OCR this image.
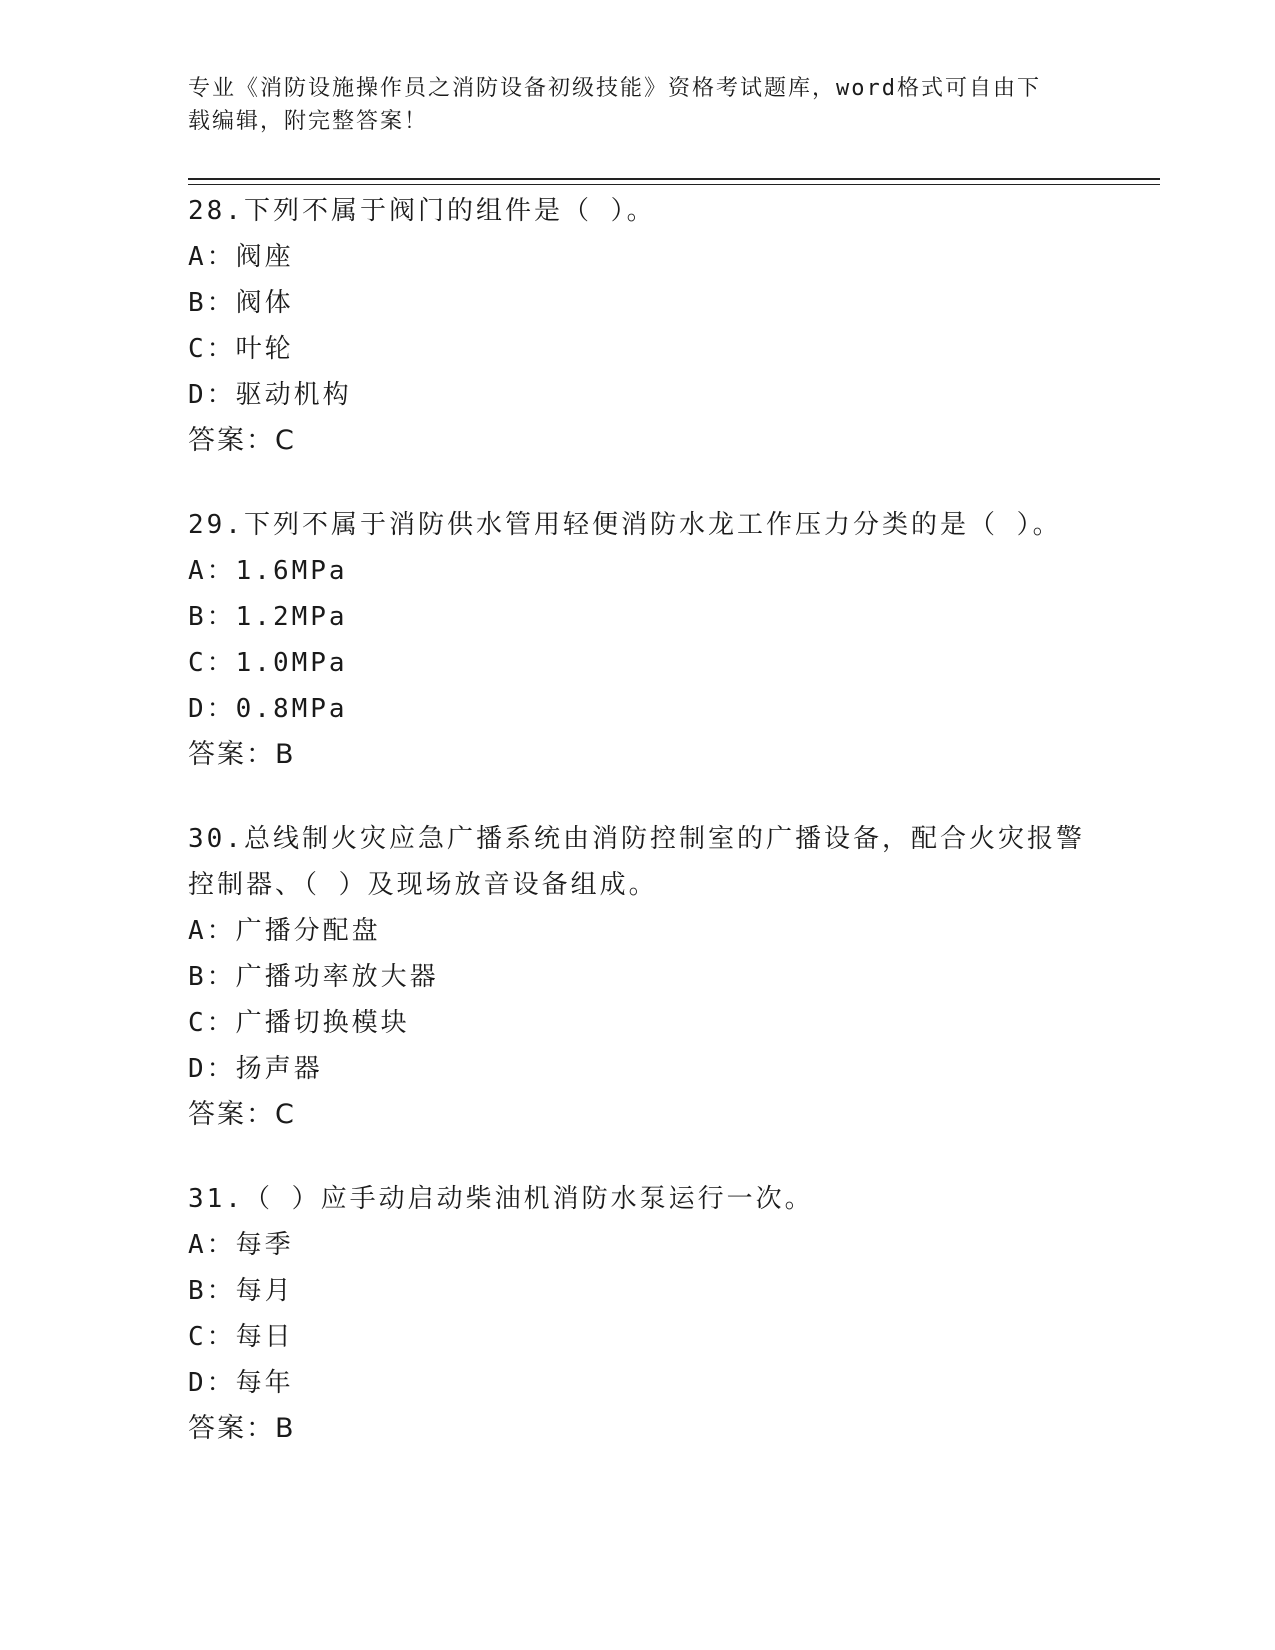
专业《消防设施操作员之消防设备初级技能》资格考试题库，word格式可自由下
载编辑，附完整答案！
28.下列不属于阀门的组件是（ ）。
A：阀座
B：阀体
C：叶轮
D：驱动机构
答案：C
29.下列不属于消防供水管用轻便消防水龙工作压力分类的是（ ）。
A：1.6MPa
B：1.2MPa
C：1.0MPa
D：0.8MPa
答案：B
30.总线制火灾应急广播系统由消防控制室的广播设备，配合火灾报警
控制器、（ ）及现场放音设备组成。
A：广播分配盘
B：广播功率放大器
C：广播切换模块
D：扬声器
答案：C
31.（ ）应手动启动柴油机消防水泵运行一次。
A：每季
B：每月
C：每日
D：每年
答案：B
